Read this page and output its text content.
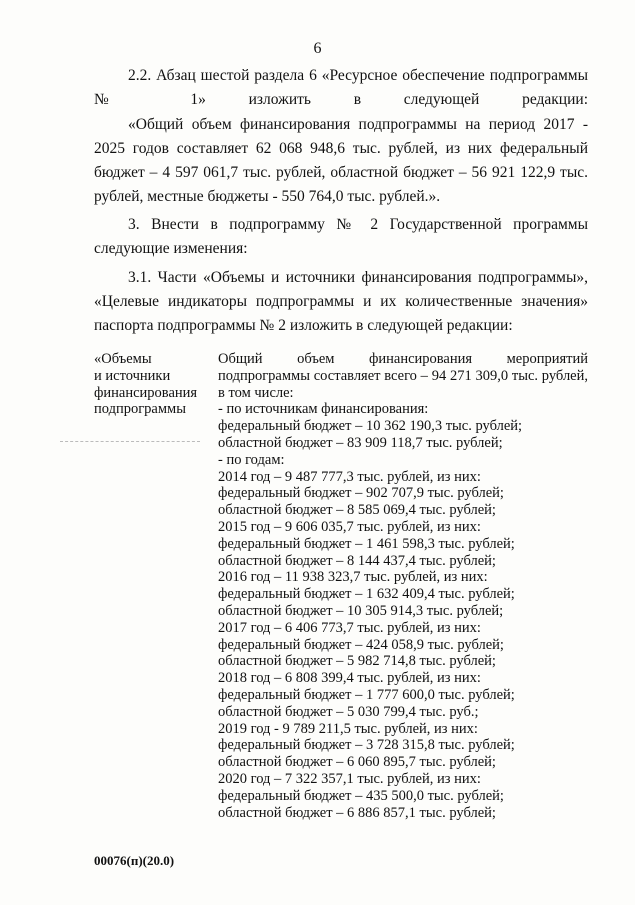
6
2.2. Абзац шестой раздела 6 «Ресурсное обеспечение подпрограммы № 1» изложить в следующей редакции:
«Общий объем финансирования подпрограммы на период 2017 - 2025 годов составляет 62 068 948,6 тыс. рублей, из них федеральный бюджет – 4 597 061,7 тыс. рублей, областной бюджет – 56 921 122,9 тыс. рублей, местные бюджеты - 550 764,0 тыс. рублей.».
3. Внести в подпрограмму № 2 Государственной программы следующие изменения:
3.1. Части «Объемы и источники финансирования подпрограммы», «Целевые индикаторы подпрограммы и их количественные значения» паспорта подпрограммы № 2 изложить в следующей редакции:
«Объемы
и источники
финансирования
подпрограммы
Общий объем финансирования мероприятий подпрограммы составляет всего – 94 271 309,0 тыс. рублей, в том числе:
- по источникам финансирования:
федеральный бюджет – 10 362 190,3 тыс. рублей;
областной бюджет – 83 909 118,7 тыс. рублей;
- по годам:
2014 год – 9 487 777,3 тыс. рублей, из них:
федеральный бюджет – 902 707,9 тыс. рублей;
областной бюджет – 8 585 069,4 тыс. рублей;
2015 год – 9 606 035,7 тыс. рублей, из них:
федеральный бюджет – 1 461 598,3 тыс. рублей;
областной бюджет – 8 144 437,4 тыс. рублей;
2016 год – 11 938 323,7 тыс. рублей, из них:
федеральный бюджет – 1 632 409,4 тыс. рублей;
областной бюджет – 10 305 914,3 тыс. рублей;
2017 год – 6 406 773,7 тыс. рублей, из них:
федеральный бюджет – 424 058,9 тыс. рублей;
областной бюджет – 5 982 714,8 тыс. рублей;
2018 год – 6 808 399,4 тыс. рублей, из них:
федеральный бюджет – 1 777 600,0 тыс. рублей;
областной бюджет – 5 030 799,4 тыс. руб.;
2019 год - 9 789 211,5 тыс. рублей, из них:
федеральный бюджет – 3 728 315,8 тыс. рублей;
областной бюджет – 6 060 895,7 тыс. рублей;
2020 год – 7 322 357,1 тыс. рублей, из них:
федеральный бюджет – 435 500,0 тыс. рублей;
областной бюджет – 6 886 857,1 тыс. рублей;
00076(п)(20.0)
